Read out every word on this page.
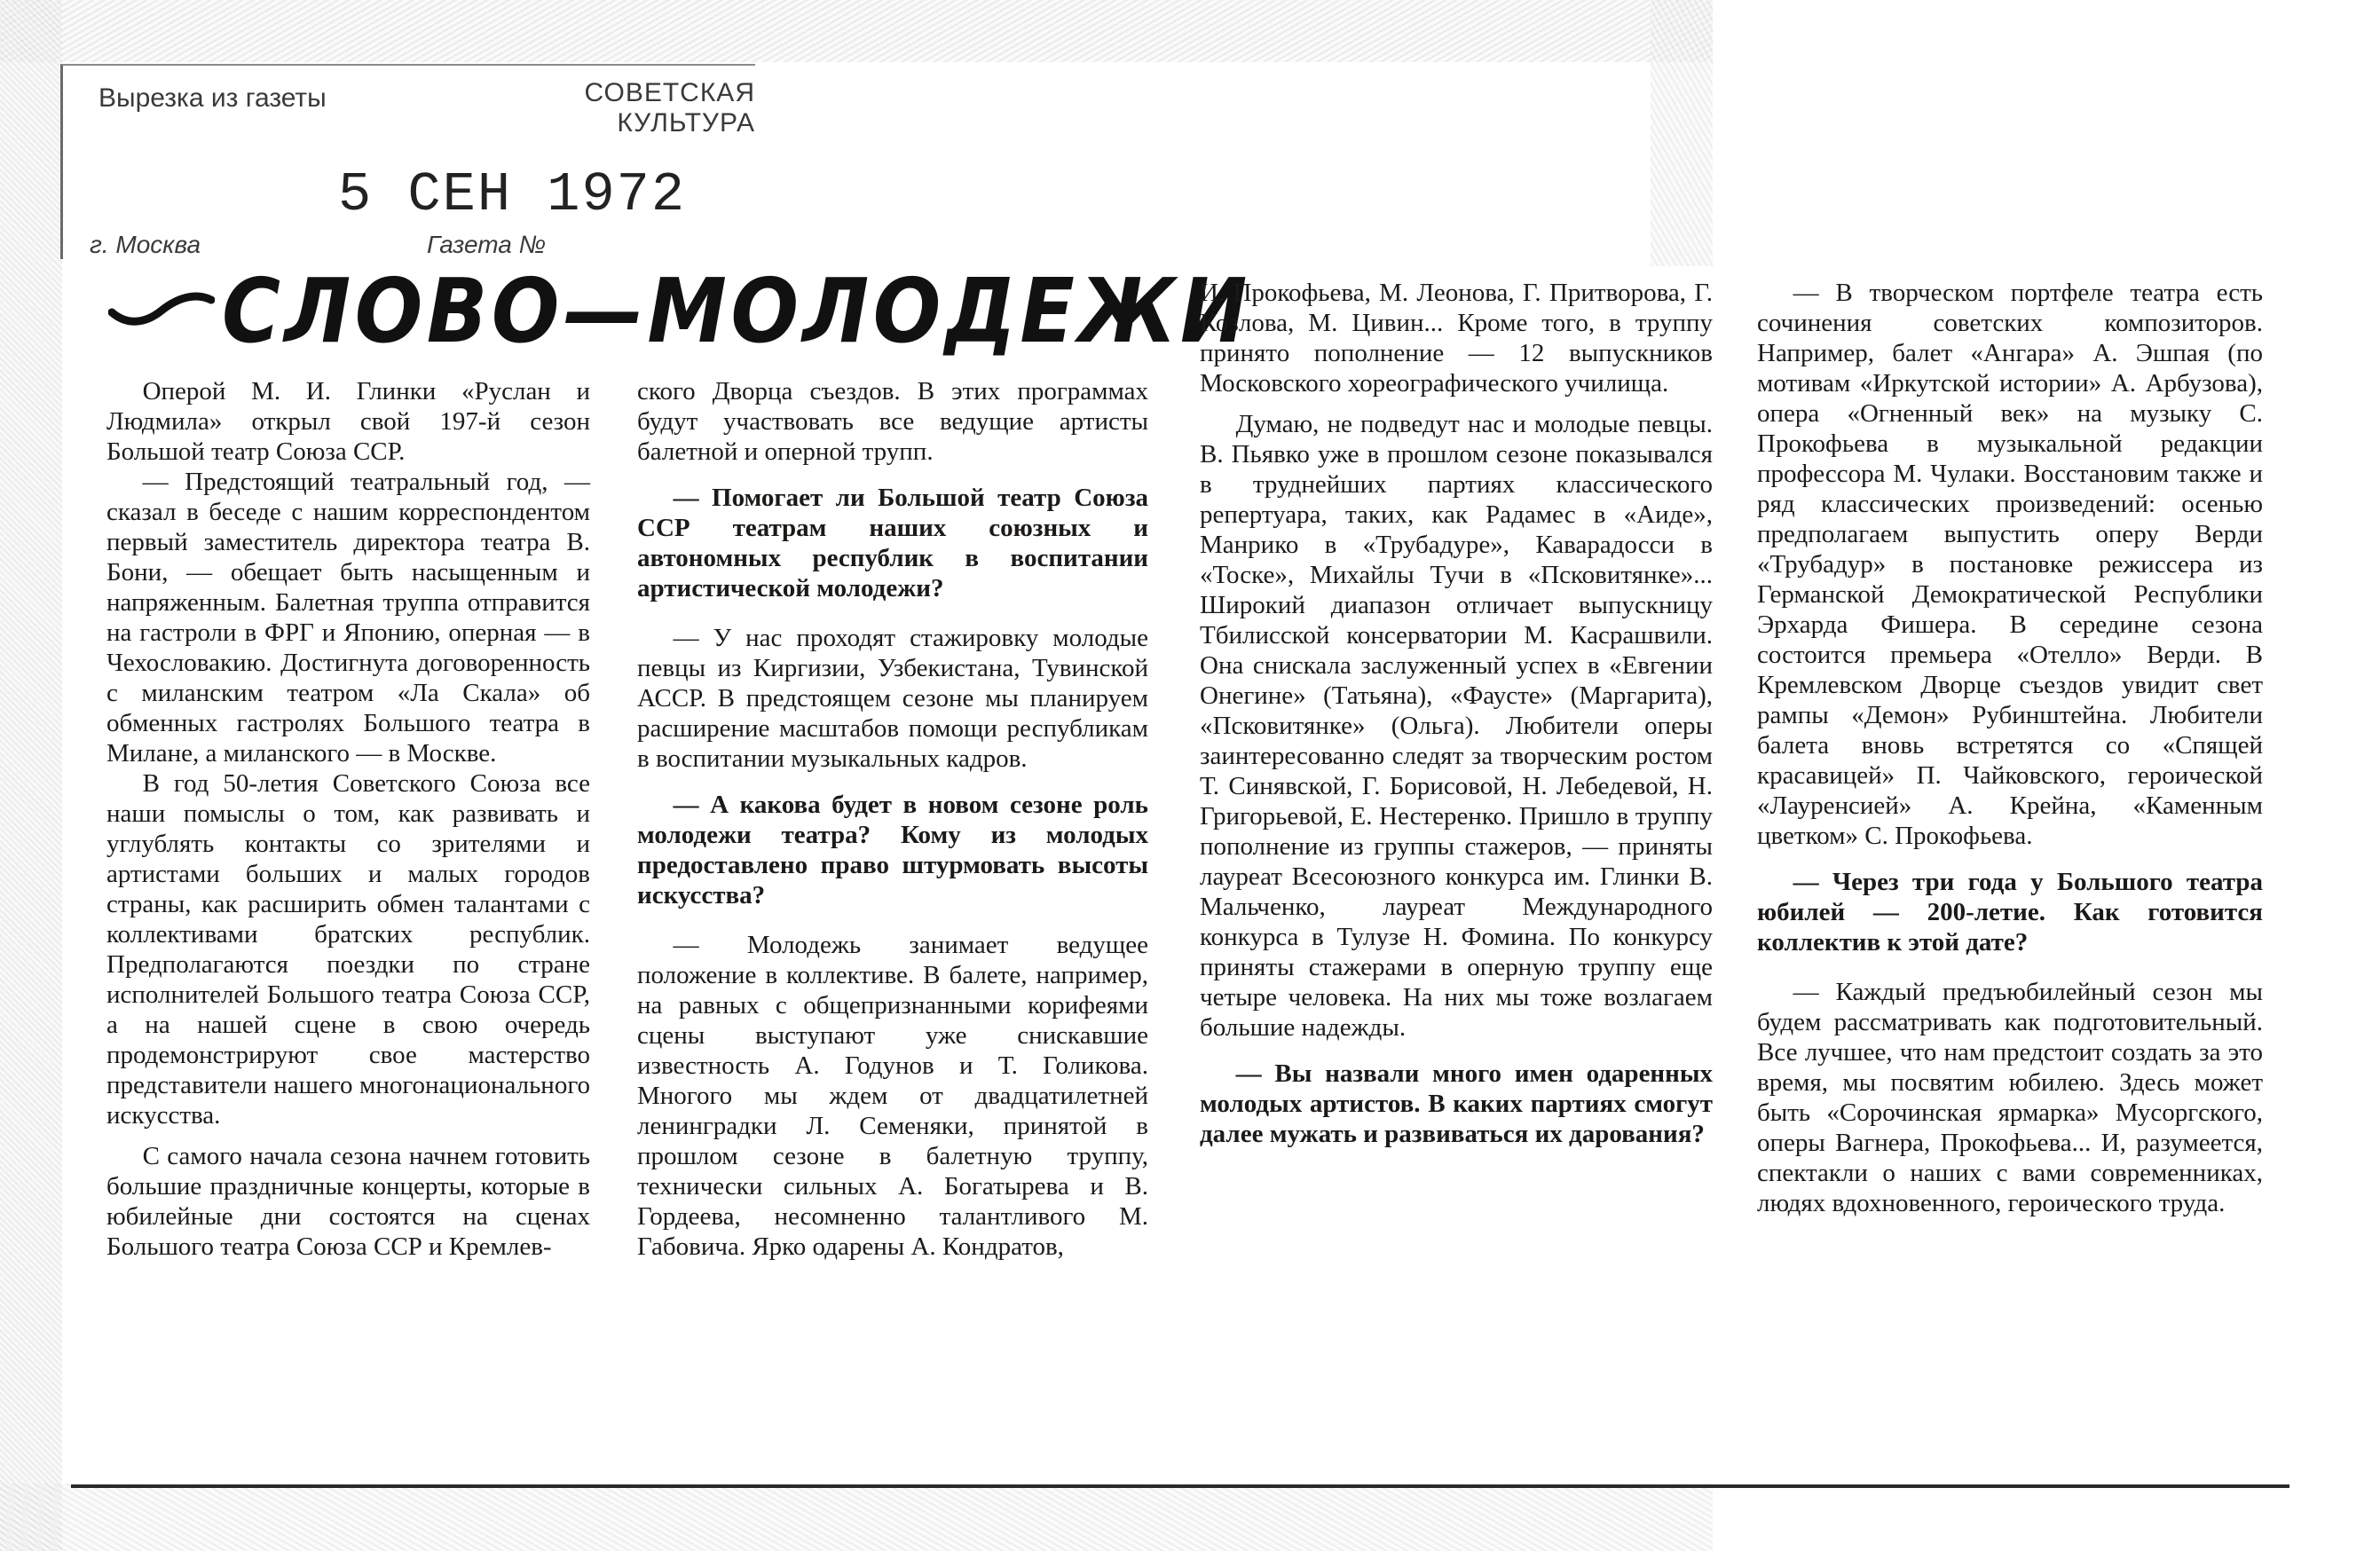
Вырезка из газеты	СОВЕТСКАЯ
КУЛЬТУРА
5 СЕН 1972
г. Москва	Газета №
СЛОВО—МОЛОДЕЖИ

Оперой М. И. Глинки «Руслан и Людмила» открыл свой 197-й сезон Большой театр Союза ССР.

— Предстоящий театральный год, — сказал в беседе с нашим корреспондентом первый заместитель директора театра В. Бони, — обещает быть насыщенным и напряженным. Балетная труппа отправится на гастроли в ФРГ и Японию, оперная — в Чехословакию. Достигнута договоренность с миланским театром «Ла Скала» об обменных гастролях Большого театра в Милане, а миланского — в Москве.

В год 50-летия Советского Союза все наши помыслы о том, как развивать и углублять контакты со зрителями и артистами больших и малых городов страны, как расширить обмен талантами с коллективами братских республик. Предполагаются поездки по стране исполнителей Большого театра Союза ССР, а на нашей сцене в свою очередь продемонстрируют свое мастерство представители нашего многонационального искусства.

С самого начала сезона начнем готовить большие праздничные концерты, которые в юбилейные дни состоятся на сценах Большого театра Союза ССР и Кремлев-

ского Дворца съездов. В этих программах будут участвовать все ведущие артисты балетной и оперной трупп.

— Помогает ли Большой театр Союза ССР театрам наших союзных и автономных республик в воспитании артистической молодежи?

— У нас проходят стажировку молодые певцы из Киргизии, Узбекистана, Тувинской АССР. В предстоящем сезоне мы планируем расширение масштабов помощи республикам в воспитании музыкальных кадров.

— А какова будет в новом сезоне роль молодежи театра? Кому из молодых предоставлено право штурмовать высоты искусства?

— Молодежь занимает ведущее положение в коллективе. В балете, например, на равных с общепризнанными корифеями сцены выступают уже снискавшие известность А. Годунов и Т. Голикова. Многого мы ждем от двадцатилетней ленинградки Л. Семеняки, принятой в прошлом сезоне в балетную труппу, технически сильных А. Богатырева и В. Гордеева, несомненно талантливого М. Габовича. Ярко одарены А. Кондратов,

И. Прокофьева, М. Леонова, Г. Притворова, Г. Козлова, М. Цивин... Кроме того, в труппу принято пополнение — 12 выпускников Московского хореографического училища.

Думаю, не подведут нас и молодые певцы. В. Пьявко уже в прошлом сезоне показывался в труднейших партиях классического репертуара, таких, как Радамес в «Аиде», Манрико в «Трубадуре», Каварадосси в «Тоске», Михайлы Тучи в «Псковитянке»... Широкий диапазон отличает выпускницу Тбилисской консерватории М. Касрашвили. Она снискала заслуженный успех в «Евгении Онегине» (Татьяна), «Фаусте» (Маргарита), «Псковитянке» (Ольга). Любители оперы заинтересованно следят за творческим ростом Т. Синявской, Г. Борисовой, Н. Лебедевой, Н. Григорьевой, Е. Нестеренко. Пришло в труппу пополнение из группы стажеров, — приняты лауреат Всесоюзного конкурса им. Глинки В. Мальченко, лауреат Международного конкурса в Тулузе Н. Фомина. По конкурсу приняты стажерами в оперную труппу еще четыре человека. На них мы тоже возлагаем большие надежды.

— Вы назвали много имен одаренных молодых артистов. В каких партиях смогут далее мужать и развиваться их дарования?

— В творческом портфеле театра есть сочинения советских композиторов. Например, балет «Ангара» А. Эшпая (по мотивам «Иркутской истории» А. Арбузова), опера «Огненный век» на музыку С. Прокофьева в музыкальной редакции профессора М. Чулаки. Восстановим также и ряд классических произведений: осенью предполагаем выпустить оперу Верди «Трубадур» в постановке режиссера из Германской Демократической Республики Эрхарда Фишера. В середине сезона состоится премьера «Отелло» Верди. В Кремлевском Дворце съездов увидит свет рампы «Демон» Рубинштейна. Любители балета вновь встретятся со «Спящей красавицей» П. Чайковского, героической «Лауренсией» А. Крейна, «Каменным цветком» С. Прокофьева.

— Через три года у Большого театра юбилей — 200-летие. Как готовится коллектив к этой дате?

— Каждый предъюбилейный сезон мы будем рассматривать как подготовительный. Все лучшее, что нам предстоит создать за это время, мы посвятим юбилею. Здесь может быть «Сорочинская ярмарка» Мусоргского, оперы Вагнера, Прокофьева... И, разумеется, спектакли о наших с вами современниках, людях вдохновенного, героического труда.
